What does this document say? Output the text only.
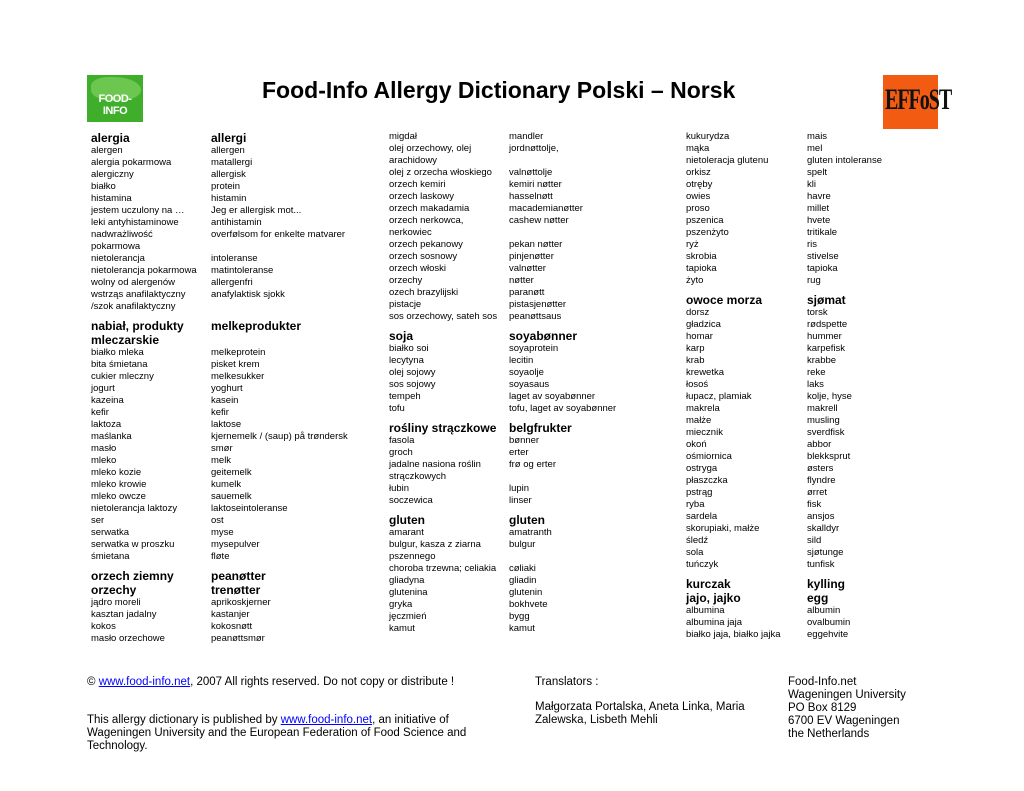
FOOD-INFO
Food-Info Allergy Dictionary Polski – Norsk	EFFoST
alergia
alergen
alergia pokarmowa
alergiczny
białko
histamina
jestem uczulony na …
leki antyhistaminowe
nadwrażliwość
pokarmowa
nietolerancja
nietolerancja pokarmowa
wolny od alergenów
wstrząs anafilaktyczny
/szok anafilaktyczny
nabiał, produkty
mleczarskie
białko mleka
bita śmietana
cukier mleczny
jogurt
kazeina
kefir
laktoza
maślanka
masło
mleko
mleko kozie
mleko krowie
mleko owcze
nietolerancja laktozy
ser
serwatka
serwatka w proszku
śmietana
orzech ziemny
orzechy
jądro moreli
kasztan jadalny
kokos
masło orzechowe
allergi
allergen
matallergi
allergisk
protein
histamin
Jeg er allergisk mot...
antihistamin
overfølsom for enkelte matvarer
intoleranse
matintoleranse
allergenfri
anafylaktisk sjokk
melkeprodukter
melkeprotein
pisket krem
melkesukker
yoghurt
kasein
kefir
laktose
kjernemelk / (saup) på trøndersk
smør
melk
geitemelk
kumelk
sauemelk
laktoseintoleranse
ost
myse
mysepulver
fløte
peanøtter
trenøtter
aprikoskjerner
kastanjer
kokosnøtt
peanøttsmør
migdał
olej orzechowy, olej
arachidowy
olej z orzecha włoskiego
orzech kemiri
orzech laskowy
orzech makadamia
orzech nerkowca,
nerkowiec
orzech pekanowy
orzech sosnowy
orzech włoski
orzechy
ozech brazylijski
pistacje
sos orzechowy, sateh sos
soja
białko soi
lecytyna
olej sojowy
sos sojowy
tempeh
tofu
rośliny strączkowe
fasola
groch
jadalne nasiona roślin
strączkowych
łubin
soczewica
gluten
amarant
bulgur, kasza z ziarna
pszennego
choroba trzewna; celiakia
gliadyna
glutenina
gryka
jęczmień
kamut
mandler
jordnøttolje,
valnøttolje
kemiri nøtter
hasselnøtt
macademianøtter
cashew nøtter
pekan nøtter
pinjenøtter
valnøtter
nøtter
paranøtt
pistasjenøtter
peanøttsaus
soyabønner
soyaprotein
lecitin
soyaolje
soyasaus
laget av soyabønner
tofu, laget av soyabønner
belgfrukter
bønner
erter
frø og erter
lupin
linser
gluten
amatranth
bulgur
cøliaki
gliadin
glutenin
bokhvete
bygg
kamut
kukurydza
mąka
nietoleracja glutenu
orkisz
otręby
owies
proso
pszenica
pszenżyto
ryż
skrobia
tapioka
żyto
owoce morza
dorsz
gładzica
homar
karp
krab
krewetka
łosoś
łupacz, plamiak
makrela
małże
miecznik
okoń
ośmiornica
ostryga
płaszczka
pstrąg
ryba
sardela
skorupiaki, małże
śledź
sola
tuńczyk
kurczak
jajo, jajko
albumina
albumina jaja
białko jaja, białko jajka
mais
mel
gluten intoleranse
spelt
kli
havre
millet
hvete
tritikale
ris
stivelse
tapioka
rug
sjømat
torsk
rødspette
hummer
karpefisk
krabbe
reke
laks
kolje, hyse
makrell
musling
sverdfisk
abbor
blekksprut
østers
flyndre
ørret
fisk
ansjos
skalldyr
sild
sjøtunge
tunfisk
kylling
egg
albumin
ovalbumin
eggehvite
© www.food-info.net, 2007 All rights reserved. Do not copy or distribute !
This allergy dictionary is published by www.food-info.net, an initiative of Wageningen University and the European Federation of Food Science and Technology.
Translators :
Małgorzata Portalska, Aneta Linka, Maria Zalewska, Lisbeth Mehli
Food-Info.net
Wageningen University
PO Box 8129
6700 EV Wageningen
the Netherlands
